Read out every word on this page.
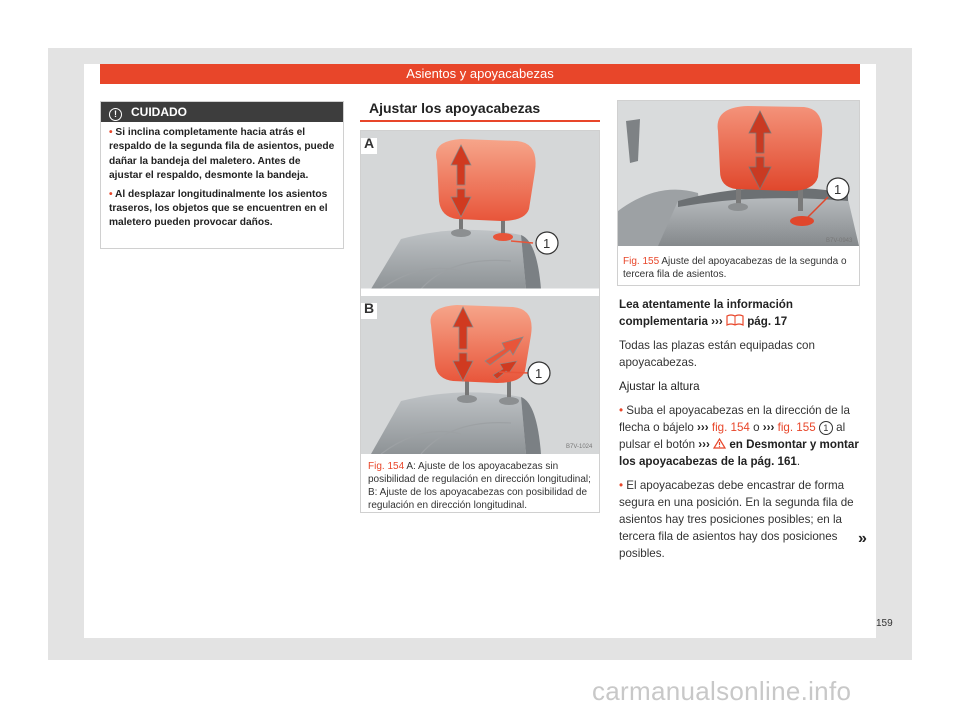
Asientos y apoyacabezas
! CUIDADO

• Si inclina completamente hacia atrás el respaldo de la segunda fila de asientos, puede dañar la bandeja del maletero. Antes de ajustar el respaldo, desmonte la bandeja.

• Al desplazar longitudinalmente los asientos traseros, los objetos que se encuentren en el maletero pueden provocar daños.

Ajustar los apoyacabezas
A
B
1
1
B7V-1024
Fig. 154 A: Ajuste de los apoyacabezas sin posibilidad de regulación en dirección longitudinal; B: Ajuste de los apoyacabezas con posibilidad de regulación en dirección longitudinal.
1
B7V-0943
Fig. 155 Ajuste del apoyacabezas de la segunda o tercera fila de asientos.

Lea atentamente la información complementaria ››› pág. 17

Todas las plazas están equipadas con apoyacabezas.

Ajustar la altura

• Suba el apoyacabezas en la dirección de la flecha o bájelo ››› fig. 154 o ››› fig. 155 1 al pulsar el botón ››› en Desmontar y montar los apoyacabezas de la pág. 161.

• El apoyacabezas debe encastrar de forma segura en una posición. En la segunda fila de asientos hay tres posiciones posibles; en la tercera fila de asientos hay dos posiciones posibles.

»
159
carmanualsonline.info
